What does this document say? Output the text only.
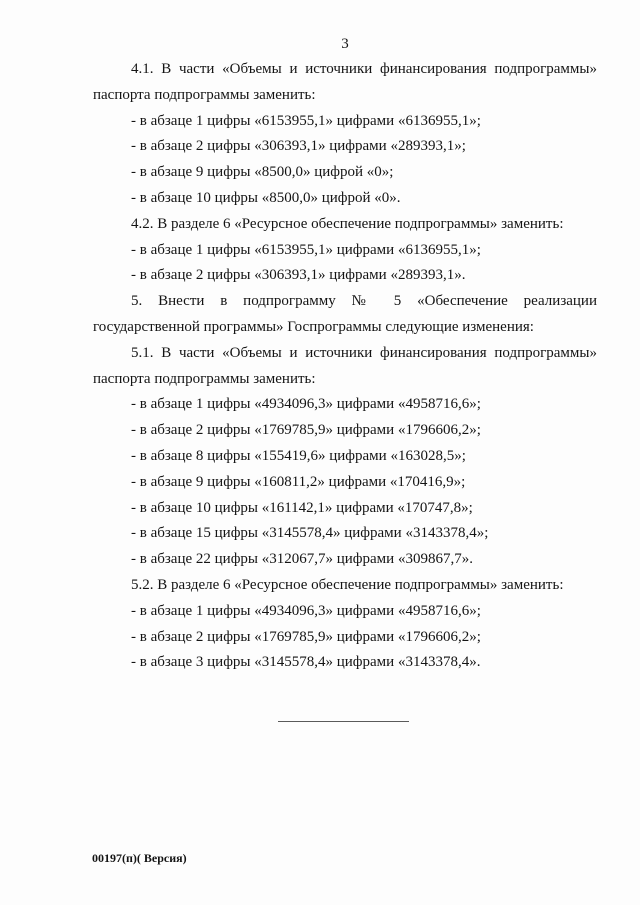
3
4.1. В части «Объемы и источники финансирования подпрограммы»
паспорта подпрограммы заменить:
- в абзаце 1 цифры «6153955,1» цифрами «6136955,1»;
- в абзаце 2 цифры «306393,1» цифрами «289393,1»;
- в абзаце 9 цифры «8500,0» цифрой «0»;
- в абзаце 10 цифры «8500,0» цифрой «0».
4.2. В разделе 6 «Ресурсное обеспечение подпрограммы» заменить:
- в абзаце 1 цифры «6153955,1» цифрами «6136955,1»;
- в абзаце 2 цифры «306393,1» цифрами «289393,1».
5. Внести в подпрограмму № 5 «Обеспечение реализации
государственной программы» Госпрограммы следующие изменения:
5.1. В части «Объемы и источники финансирования подпрограммы»
паспорта подпрограммы заменить:
- в абзаце 1 цифры «4934096,3» цифрами «4958716,6»;
- в абзаце 2 цифры «1769785,9» цифрами «1796606,2»;
- в абзаце 8 цифры «155419,6» цифрами «163028,5»;
- в абзаце 9 цифры «160811,2» цифрами «170416,9»;
- в абзаце 10 цифры «161142,1» цифрами «170747,8»;
- в абзаце 15 цифры «3145578,4» цифрами «3143378,4»;
- в абзаце 22 цифры «312067,7» цифрами «309867,7».
5.2. В разделе 6 «Ресурсное обеспечение подпрограммы» заменить:
- в абзаце 1 цифры «4934096,3» цифрами «4958716,6»;
- в абзаце 2 цифры «1769785,9» цифрами «1796606,2»;
- в абзаце 3 цифры «3145578,4» цифрами «3143378,4».
00197(п)( Версия)
